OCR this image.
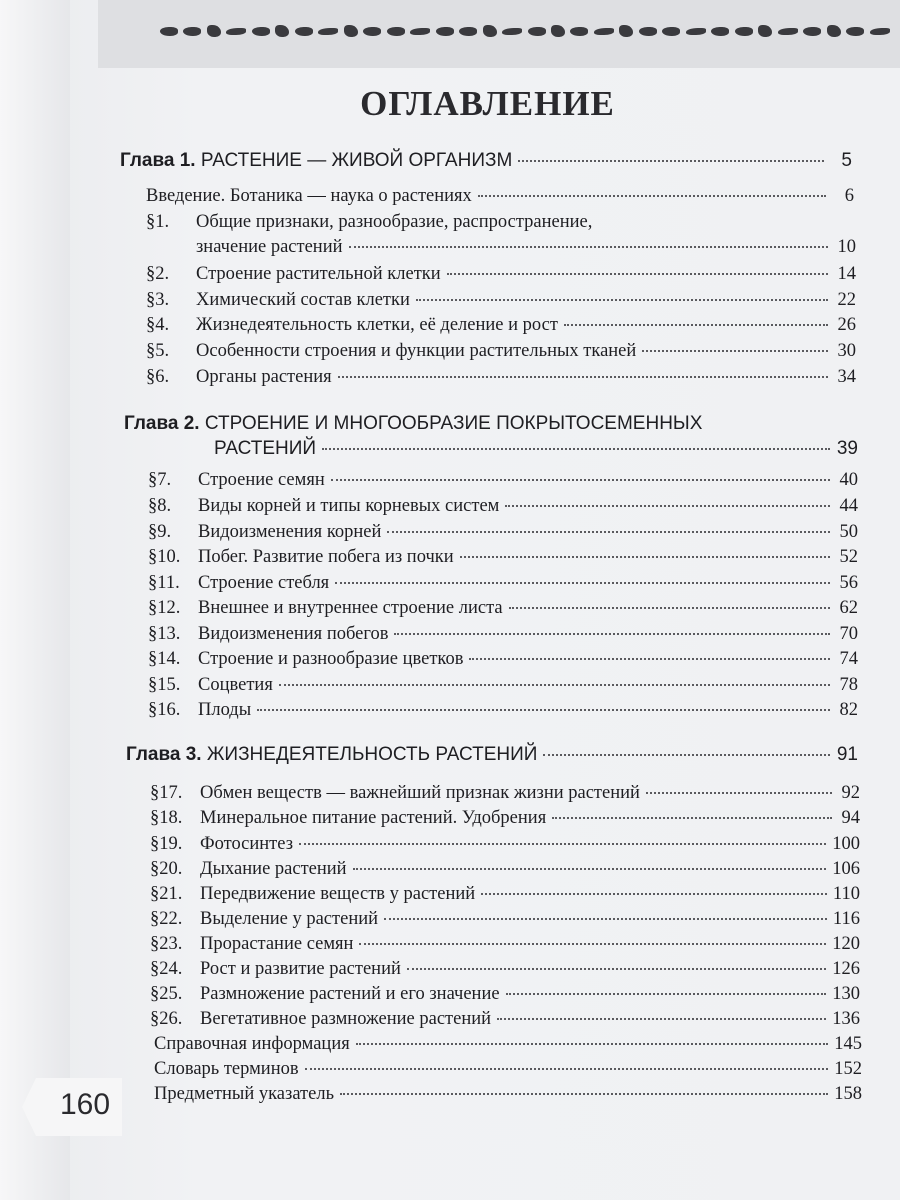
ОГЛАВЛЕНИЕ
Глава 1. РАСТЕНИЕ — ЖИВОЙ ОРГАНИЗМ	5
Введение. Ботаника — наука о растениях	6
§1. Общие признаки, разнообразие, распространение,
значение растений	10
§2. Строение растительной клетки	14
§3. Химический состав клетки	22
§4. Жизнедеятельность клетки, её деление и рост	26
§5. Особенности строения и функции растительных тканей	30
§6. Органы растения	34
Глава 2. СТРОЕНИЕ И МНОГООБРАЗИЕ ПОКРЫТОСЕМЕННЫХ
РАСТЕНИЙ	39
§7. Строение семян	40
§8. Виды корней и типы корневых систем	44
§9. Видоизменения корней	50
§10. Побег. Развитие побега из почки	52
§11. Строение стебля	56
§12. Внешнее и внутреннее строение листа	62
§13. Видоизменения побегов	70
§14. Строение и разнообразие цветков	74
§15. Соцветия	78
§16. Плоды	82
Глава 3. ЖИЗНЕДЕЯТЕЛЬНОСТЬ РАСТЕНИЙ	91
§17. Обмен веществ — важнейший признак жизни растений	92
§18. Минеральное питание растений. Удобрения	94
§19. Фотосинтез	100
§20. Дыхание растений	106
§21. Передвижение веществ у растений	110
§22. Выделение у растений	116
§23. Прорастание семян	120
§24. Рост и развитие растений	126
§25. Размножение растений и его значение	130
§26. Вегетативное размножение растений	136
Справочная информация	145
Словарь терминов	152
Предметный указатель	158
160
